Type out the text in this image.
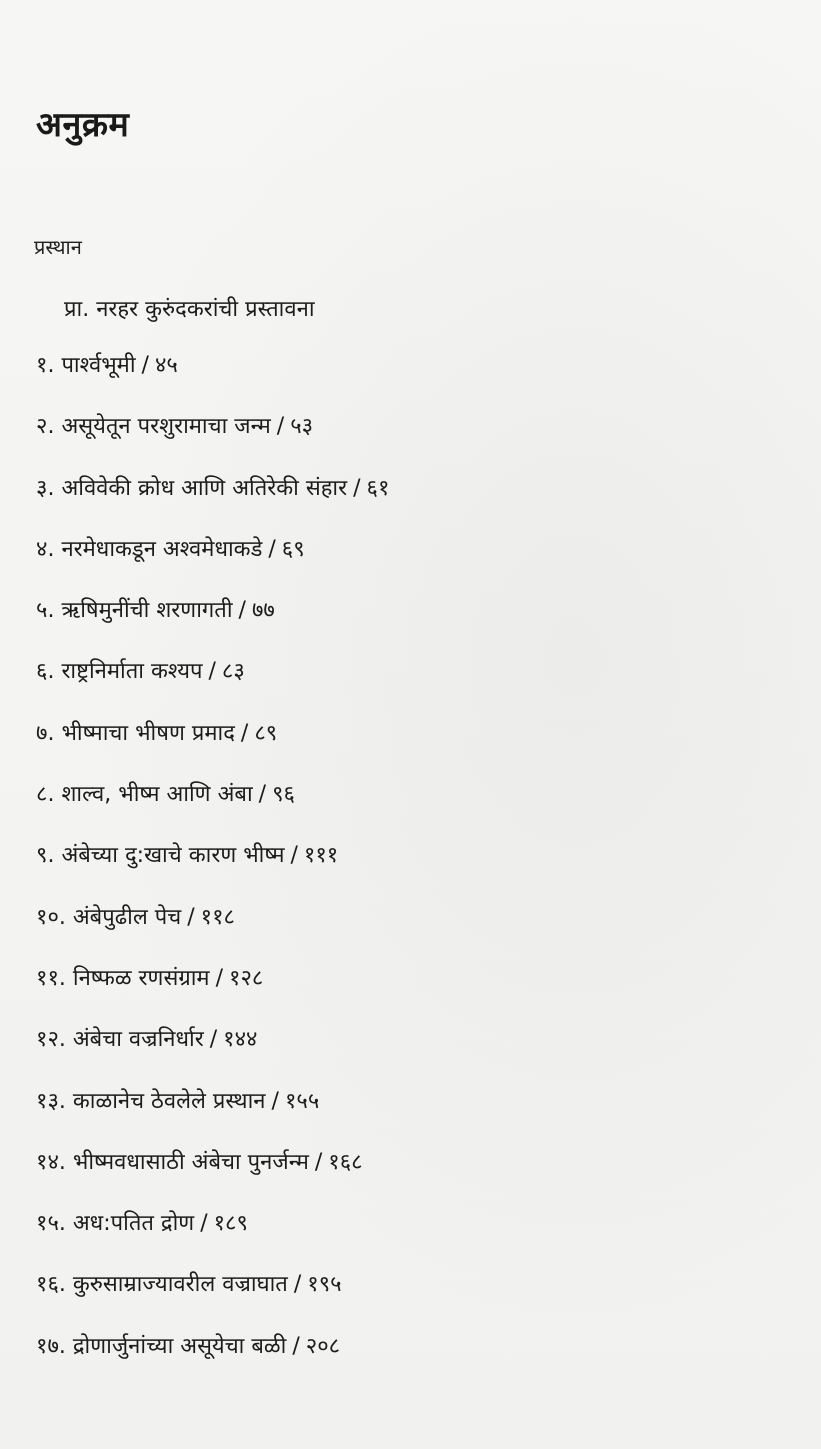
अनुक्रम
प्रस्थान
प्रा. नरहर कुरुंदकरांची प्रस्तावना
१. पार्श्वभूमी / ४५
२. असूयेतून परशुरामाचा जन्म / ५३
३. अविवेकी क्रोध आणि अतिरेकी संहार / ६१
४. नरमेधाकडून अश्वमेधाकडे / ६९
५. ऋषिमुनींची शरणागती / ७७
६. राष्ट्रनिर्माता कश्यप / ८३
७. भीष्माचा भीषण प्रमाद / ८९
८. शाल्व, भीष्म आणि अंबा / ९६
९. अंबेच्या दु:खाचे कारण भीष्म / १११
१०. अंबेपुढील पेच / ११८
११. निष्फळ रणसंग्राम / १२८
१२. अंबेचा वज्रनिर्धार / १४४
१३. काळानेच ठेवलेले प्रस्थान / १५५
१४. भीष्मवधासाठी अंबेचा पुनर्जन्म / १६८
१५. अध:पतित द्रोण / १८९
१६. कुरुसाम्राज्यावरील वज्राघात / १९५
१७. द्रोणार्जुनांच्या असूयेचा बळी / २०८
